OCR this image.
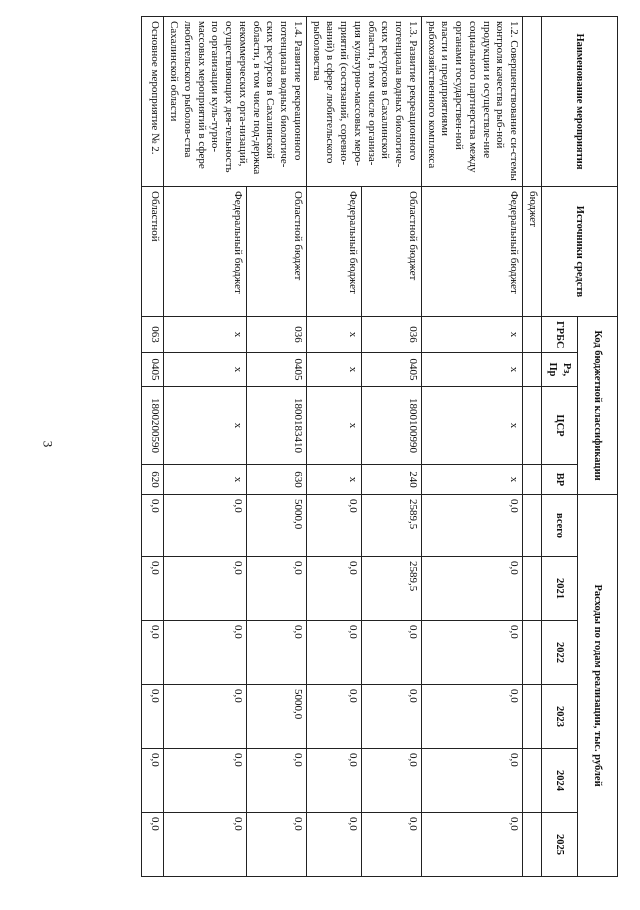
3
Наименование мероприятия	Источники средств	Код бюджетной классификации				Расходы по годам реализации, тыс. рублей					
		ГРБС	Рз, Пр	ЦСР	ВР	всего	2021	2022	2023	2024	2025
	бюджет										
1.2. Совершенствование си-стемы контроля качества рыб-ной продукции и осуществле-ние социального партнерства между органами государствен-ной власти и предприятиями рыбохозяйственного комплекса	Федеральный бюджет	х	х	х	х	0,0	0,0	0,0	0,0	0,0	0,0
1.3. Развитие рекреационного потенциала водных биологиче-ских ресурсов в Сахалинской области, в том числе организа-ция культурно-массовых меро-приятий (состязаний, соревно-ваний) в сфере любительского рыболовства	Областной бюджет	036	0405	1800100990	240	2589,5	2589,5	0,0	0,0	0,0	0,0
	Федеральный бюджет	х	х	х	х	0,0	0,0	0,0	0,0	0,0	0,0
1.4. Развитие рекреационного потенциала водных биологиче-ских ресурсов в Сахалинской области, в том числе под-держка некоммерческих орга-низаций, осуществляющих дея-тельность по организации куль-турно-массовых мероприятий в сфере любительского рыболов-ства Сахалинской области	Областной бюджет	036	0405	1800183410	630	5000,0	0,0	0,0	5000,0	0,0	0,0
	Федеральный бюджет	х	х	х	х	0,0	0,0	0,0	0,0	0,0	0,0
Основное мероприятие № 2.	Областной	063	0405	1800200590	620	0,0	0,0	0,0	0,0	0,0	0,0
